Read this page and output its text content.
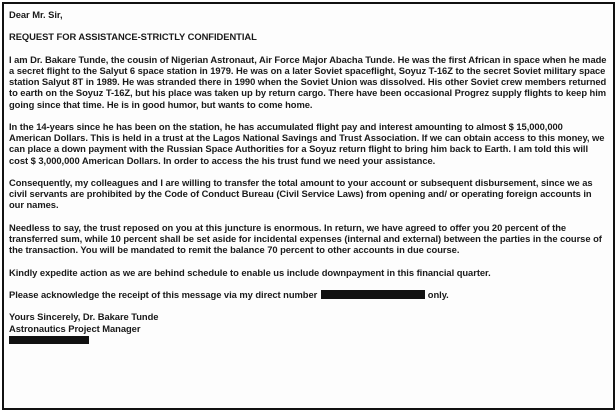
Dear Mr. Sir,

REQUEST FOR ASSISTANCE-STRICTLY CONFIDENTIAL

I am Dr. Bakare Tunde, the cousin of Nigerian Astronaut, Air Force Major Abacha Tunde. He was the first African in space when he made a secret flight to the Salyut 6 space station in 1979. He was on a later Soviet spaceflight, Soyuz T-16Z to the secret Soviet military space station Salyut 8T in 1989. He was stranded there in 1990 when the Soviet Union was dissolved. His other Soviet crew members returned to earth on the Soyuz T-16Z, but his place was taken up by return cargo. There have been occasional Progrez supply flights to keep him going since that time. He is in good humor, but wants to come home.

In the 14-years since he has been on the station, he has accumulated flight pay and interest amounting to almost $ 15,000,000 American Dollars. This is held in a trust at the Lagos National Savings and Trust Association. If we can obtain access to this money, we can place a down payment with the Russian Space Authorities for a Soyuz return flight to bring him back to Earth. I am told this will cost $ 3,000,000 American Dollars. In order to access the his trust fund we need your assistance.

Consequently, my colleagues and I are willing to transfer the total amount to your account or subsequent disbursement, since we as civil servants are prohibited by the Code of Conduct Bureau (Civil Service Laws) from opening and/ or operating foreign accounts in our names.

Needless to say, the trust reposed on you at this juncture is enormous. In return, we have agreed to offer you 20 percent of the transferred sum, while 10 percent shall be set aside for incidental expenses (internal and external) between the parties in the course of the transaction. You will be mandated to remit the balance 70 percent to other accounts in due course.

Kindly expedite action as we are behind schedule to enable us include downpayment in this financial quarter.

Please acknowledge the receipt of this message via my direct number	only.

Yours Sincerely, Dr. Bakare Tunde
Astronautics Project Manager
